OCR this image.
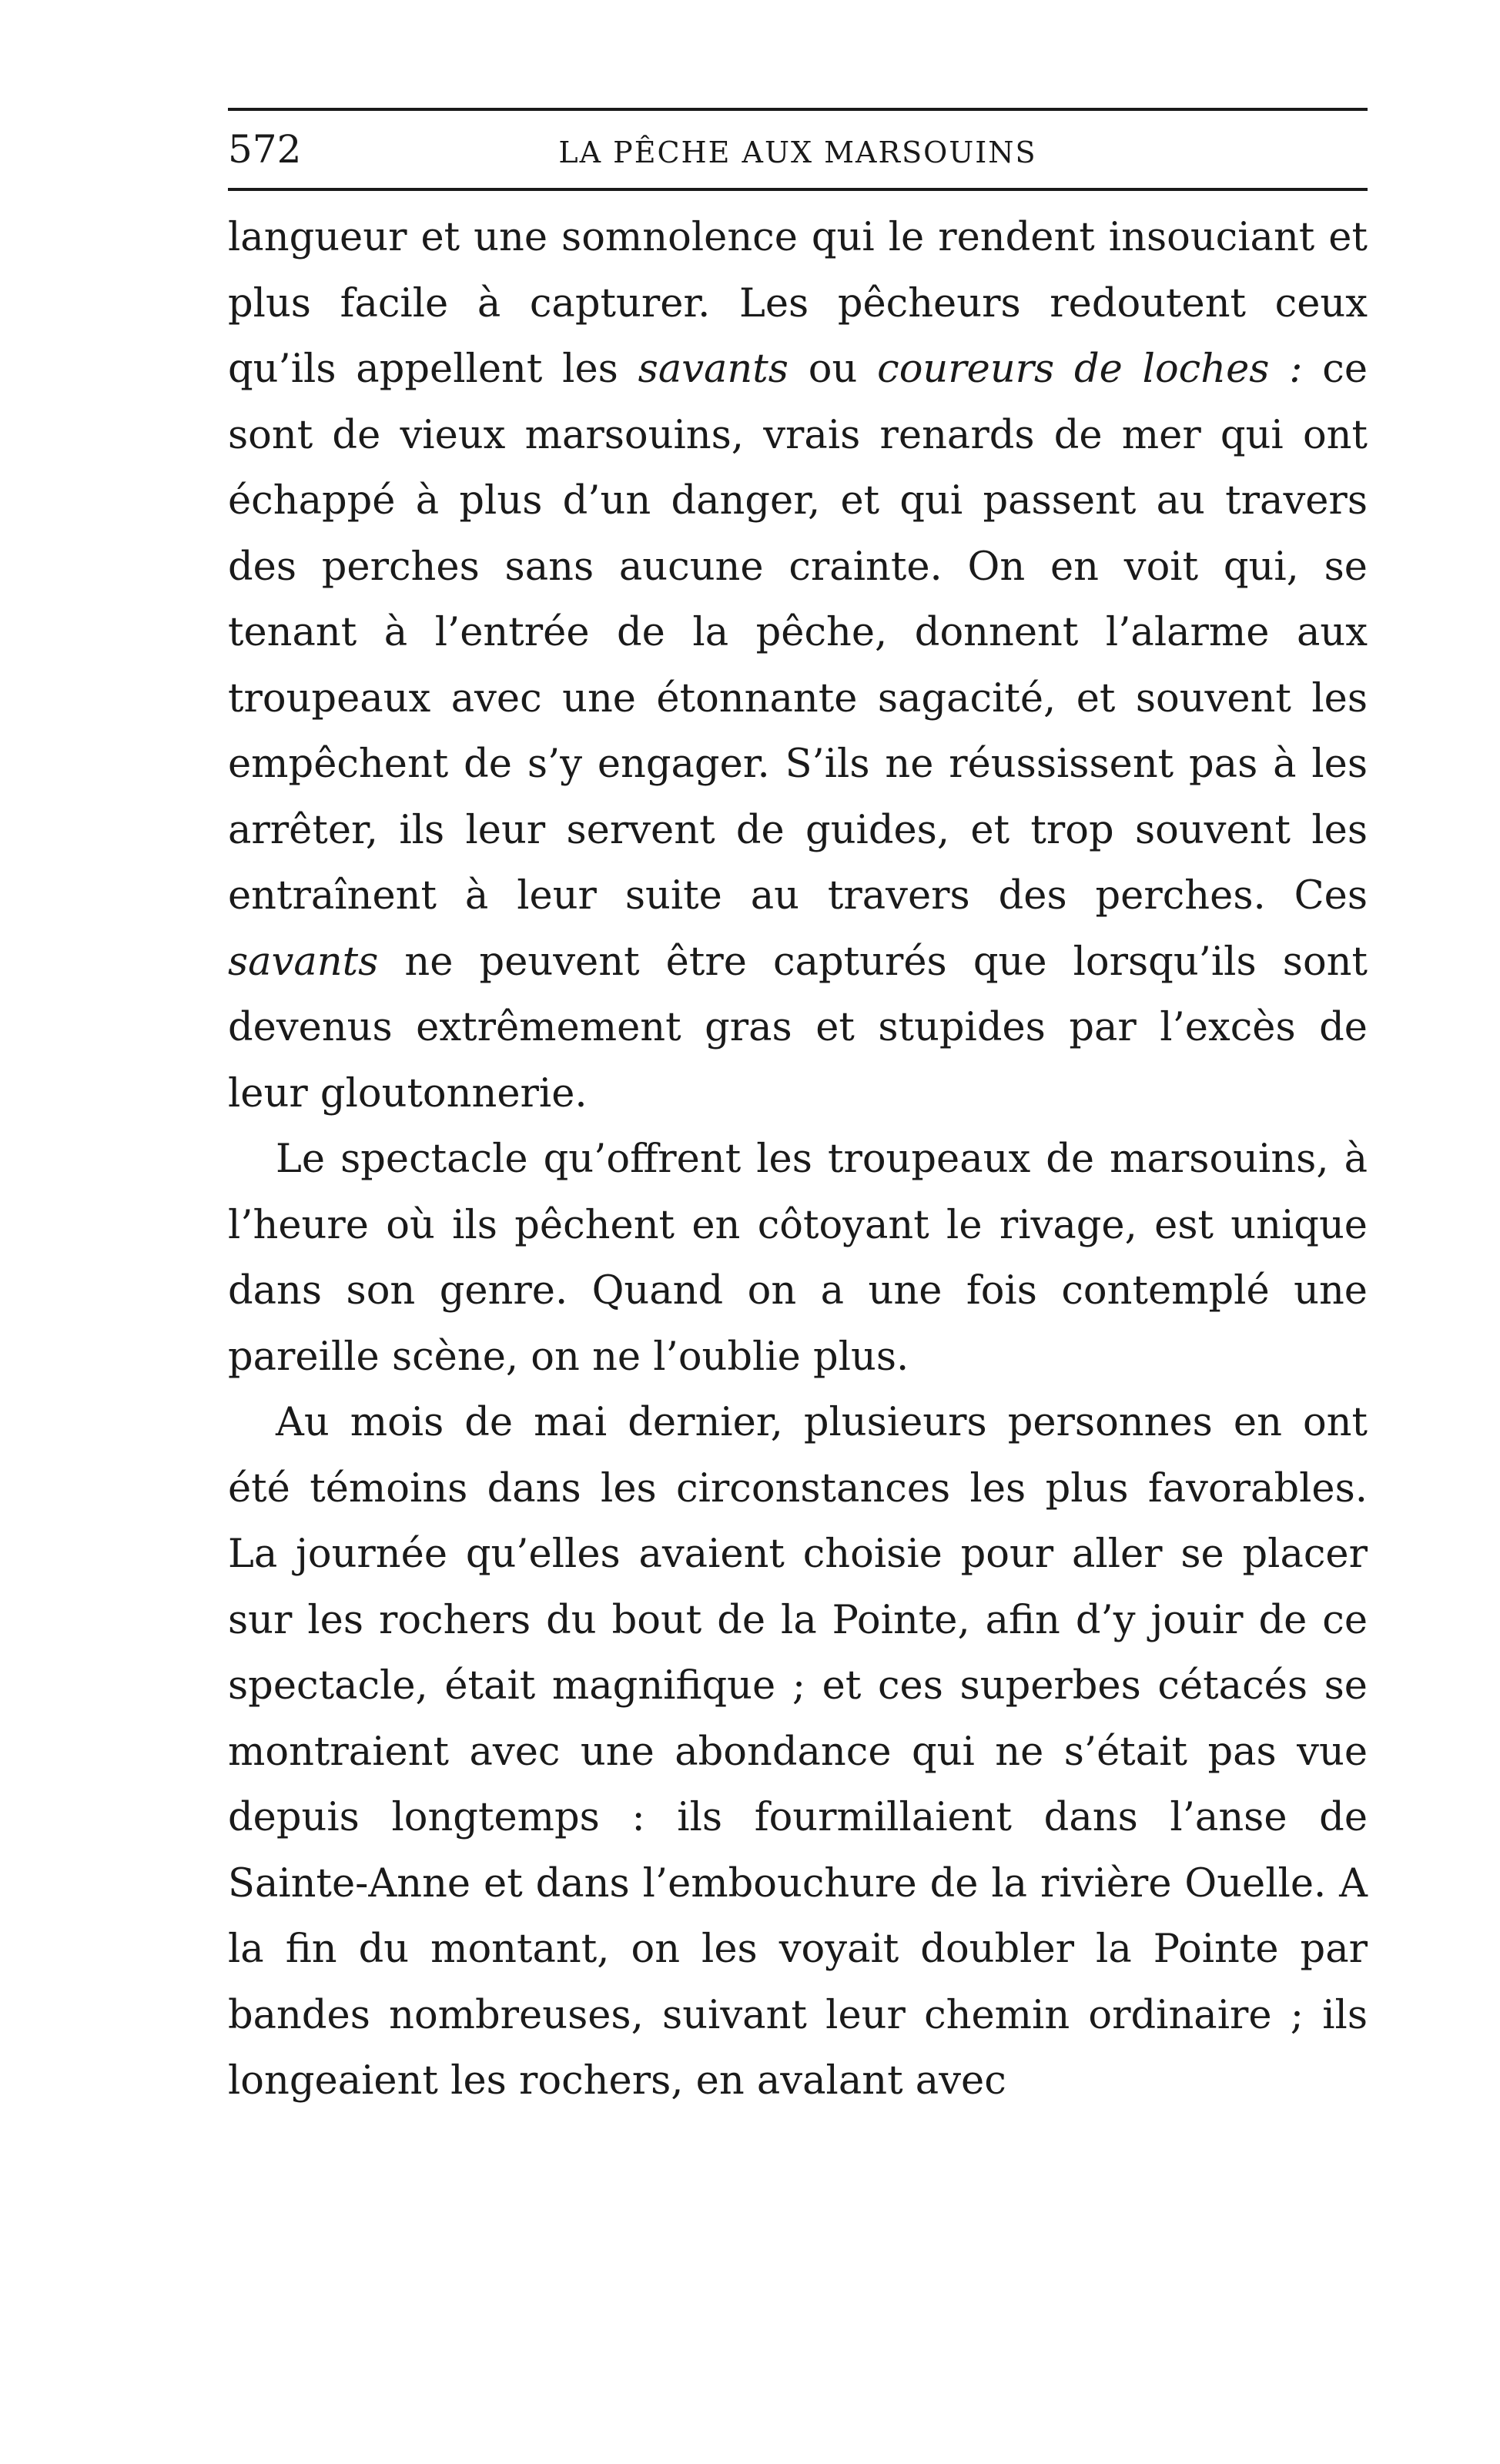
572	LA PÊCHE AUX MARSOUINS

langueur et une somnolence qui le rendent insouciant et plus facile à capturer. Les pêcheurs redoutent ceux qu’ils appellent les savants ou coureurs de loches : ce sont de vieux marsouins, vrais renards de mer qui ont échappé à plus d’un danger, et qui passent au travers des perches sans aucune crainte. On en voit qui, se tenant à l’entrée de la pêche, donnent l’alarme aux troupeaux avec une étonnante sagacité, et souvent les empêchent de s’y engager. S’ils ne réussissent pas à les arrêter, ils leur servent de guides, et trop souvent les entraînent à leur suite au travers des perches. Ces savants ne peuvent être capturés que lorsqu’ils sont devenus extrêmement gras et stupides par l’excès de leur gloutonnerie.

Le spectacle qu’offrent les troupeaux de marsouins, à l’heure où ils pêchent en côtoyant le rivage, est unique dans son genre. Quand on a une fois contemplé une pareille scène, on ne l’oublie plus.

Au mois de mai dernier, plusieurs personnes en ont été témoins dans les circonstances les plus favorables. La journée qu’elles avaient choisie pour aller se placer sur les rochers du bout de la Pointe, afin d’y jouir de ce spectacle, était magnifique ; et ces superbes cétacés se montraient avec une abondance qui ne s’était pas vue depuis longtemps : ils fourmillaient dans l’anse de Sainte-Anne et dans l’embouchure de la rivière Ouelle. A la fin du montant, on les voyait doubler la Pointe par bandes nombreuses, suivant leur chemin ordinaire ; ils longeaient les rochers, en avalant avec
